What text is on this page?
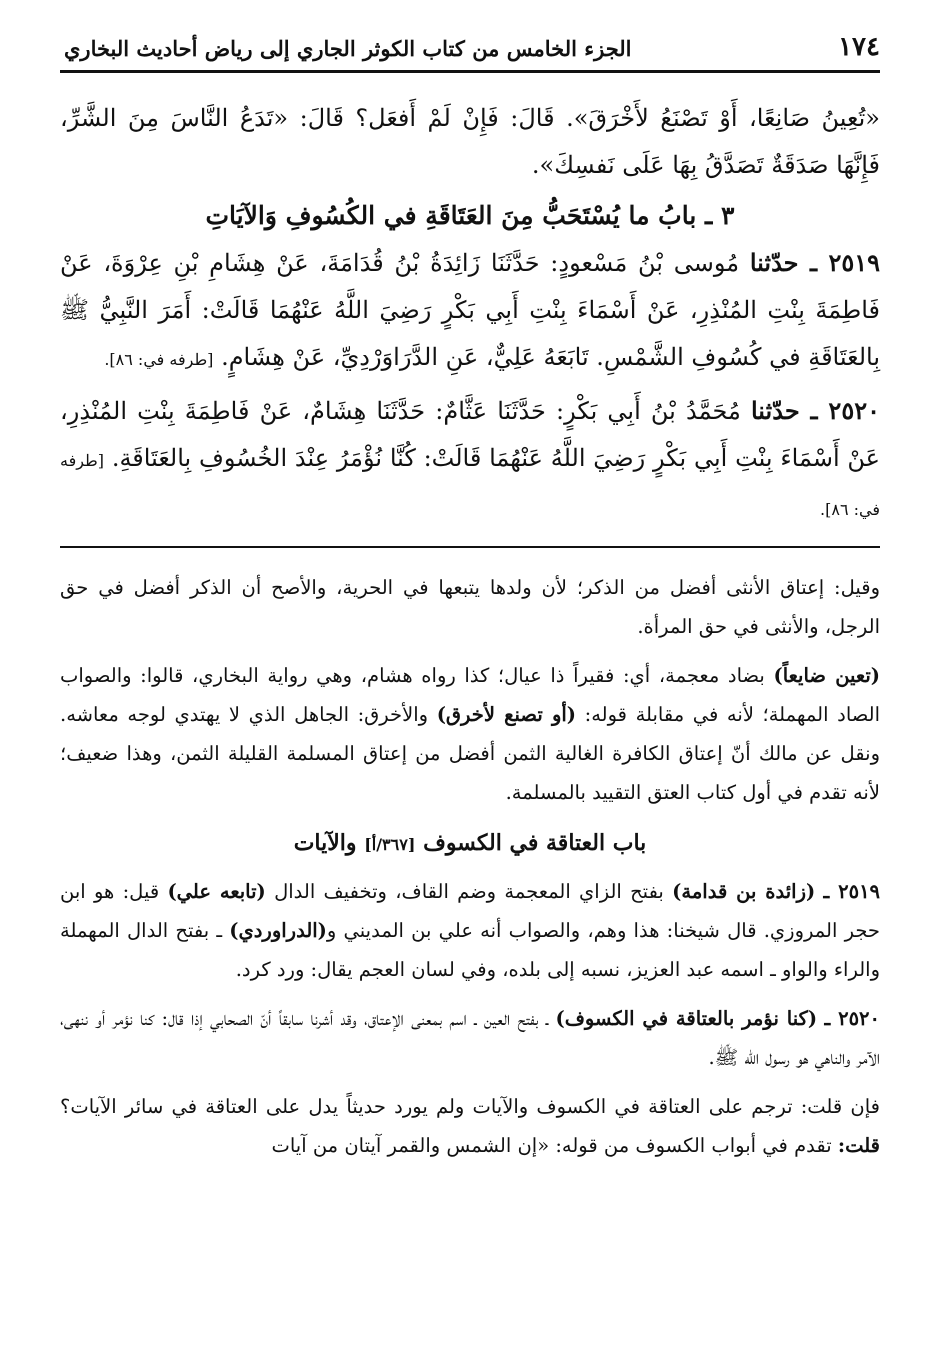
١٧٤
الجزء الخامس من كتاب الكوثر الجاري إلى رياض أحاديث البخاري

«تُعِينُ صَانِعًا، أَوْ تَصْنَعُ لأَخْرَقَ». قَالَ: فَإِنْ لَمْ أَفعَل؟ قَالَ: «تَدَعُ النَّاسَ مِنَ الشَّرِّ، فَإِنَّهَا صَدَقَةٌ تَصَدَّقُ بِهَا عَلَى نَفسِكَ».

٣ ـ بابُ ما يُسْتَحَبُّ مِنَ العَتَاقَةِ في الكُسُوفِ وَالآيَاتِ

٢٥١٩ ـ حدّثنا مُوسى بْنُ مَسْعودٍ: حَدَّثَنَا زَائِدَةُ بْنُ قُدَامَةَ، عَنْ هِشَامِ بْنِ عِرْوَةَ، عَنْ فَاطِمَةَ بِنْتِ المُنْذِرِ، عَنْ أَسْمَاءَ بِنْتِ أَبِي بَكْرٍ رَضِيَ اللَّهُ عَنْهُمَا قَالَتْ: أَمَرَ النَّبِيُّ ﷺ بِالعَتَاقَةِ في كُسُوفِ الشَّمْسِ. تَابَعَهُ عَلِيٌّ، عَنِ الدَّرَاوَرْدِيِّ، عَنْ هِشَامٍ. [طرفه في: ٨٦].

٢٥٢٠ ـ حدّثنا مُحَمَّدُ بْنُ أَبِي بَكْرٍ: حَدَّثَنَا عَثَّامٌ: حَدَّثَنَا هِشَامٌ، عَنْ فَاطِمَةَ بِنْتِ المُنْذِرِ، عَنْ أَسْمَاءَ بِنْتِ أَبِي بَكْرٍ رَضِيَ اللَّهُ عَنْهُمَا قَالَتْ: كُنَّا نُؤْمَرُ عِنْدَ الخُسُوفِ بِالعَتَاقَةِ. [طرفه في: ٨٦].

وقيل: إعتاق الأنثى أفضل من الذكر؛ لأن ولدها يتبعها في الحرية، والأصح أن الذكر أفضل في حق الرجل، والأنثى في حق المرأة.

(تعين ضايعاً) بضاد معجمة، أي: فقيراً ذا عيال؛ كذا رواه هشام، وهي رواية البخاري، قالوا: والصواب الصاد المهملة؛ لأنه في مقابلة قوله: (أو تصنع لأخرق) والأخرق: الجاهل الذي لا يهتدي لوجه معاشه. ونقل عن مالك أنّ إعتاق الكافرة الغالية الثمن أفضل من إعتاق المسلمة القليلة الثمن، وهذا ضعيف؛ لأنه تقدم في أول كتاب العتق التقييد بالمسلمة.

باب العتاقة في الكسوف [٣٦٧/أ] والآيات

٢٥١٩ ـ (زائدة بن قدامة) بفتح الزاي المعجمة وضم القاف، وتخفيف الدال (تابعه علي) قيل: هو ابن حجر المروزي. قال شيخنا: هذا وهم، والصواب أنه علي بن المديني و(الدراوردي) ـ بفتح الدال المهملة والراء والواو ـ اسمه عبد العزيز، نسبه إلى بلده، وفي لسان العجم يقال: ورد كرد.

٢٥٢٠ ـ (كنا نؤمر بالعتاقة في الكسوف) ـ بفتح العين ـ اسم بمعنى الإعتاق، وقد أشرنا سابقاً أنّ الصحابي إذا قال: كنا نؤمر أو ننهى، الآمر والناهي هو رسول الله ﷺ.

فإن قلت: ترجم على العتاقة في الكسوف والآيات ولم يورد حديثاً يدل على العتاقة في سائر الآيات؟ قلت: تقدم في أبواب الكسوف من قوله: «إن الشمس والقمر آيتان من آيات
